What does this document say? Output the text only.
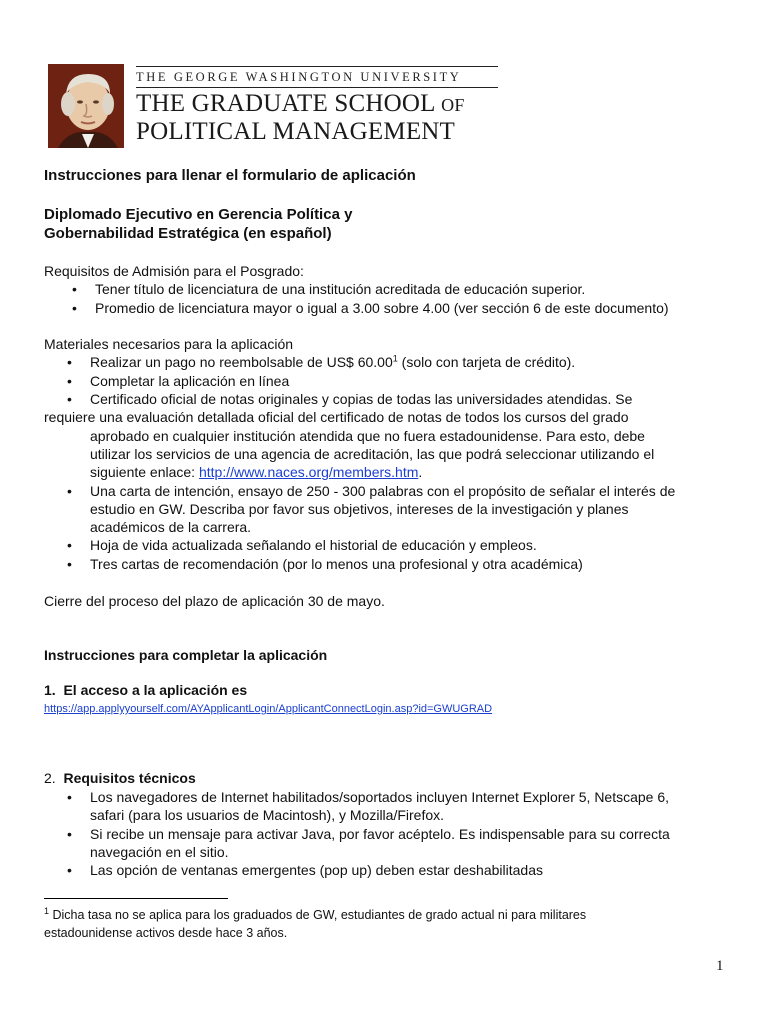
THE GEORGE WASHINGTON UNIVERSITY
THE GRADUATE SCHOOL OF
POLITICAL MANAGEMENT
Instrucciones para llenar el formulario de aplicación
Diplomado Ejecutivo en Gerencia Política y
Gobernabilidad Estratégica (en español)
Requisitos de Admisión para el Posgrado:
• Tener título de licenciatura de una institución acreditada de educación superior.
• Promedio de licenciatura mayor o igual a 3.00 sobre 4.00 (ver sección 6 de este documento)
Materiales necesarios para la aplicación
• Realizar un pago no reembolsable de US$ 60.00$^1$ (solo con tarjeta de crédito).
• Completar la aplicación en línea
• Certificado oficial de notas originales y copias de todas las universidades atendidas. Se
requiere una evaluación detallada oficial del certificado de notas de todos los cursos del grado
aprobado en cualquier institución atendida que no fuera estadounidense. Para esto, debe
utilizar los servicios de una agencia de acreditación, las que podrá seleccionar utilizando el
siguiente enlace: http://www.naces.org/members.htm.
• Una carta de intención, ensayo de 250 - 300 palabras con el propósito de señalar el interés de
estudio en GW. Describa por favor sus objetivos, intereses de la investigación y planes
académicos de la carrera.
• Hoja de vida actualizada señalando el historial de educación y empleos.
• Tres cartas de recomendación (por lo menos una profesional y otra académica)
Cierre del proceso del plazo de aplicación 30 de mayo.
Instrucciones para completar la aplicación
1. El acceso a la aplicación es
https://app.applyyourself.com/AYApplicantLogin/ApplicantConnectLogin.asp?id=GWUGRAD
2. Requisitos técnicos
• Los navegadores de Internet habilitados/soportados incluyen Internet Explorer 5, Netscape 6,
safari (para los usuarios de Macintosh), y Mozilla/Firefox.
• Si recibe un mensaje para activar Java, por favor acéptelo. Es indispensable para su correcta
navegación en el sitio.
• Las opción de ventanas emergentes (pop up) deben estar deshabilitadas
$^1$ Dicha tasa no se aplica para los graduados de GW, estudiantes de grado actual ni para militares
estadounidense activos desde hace 3 años.
1
